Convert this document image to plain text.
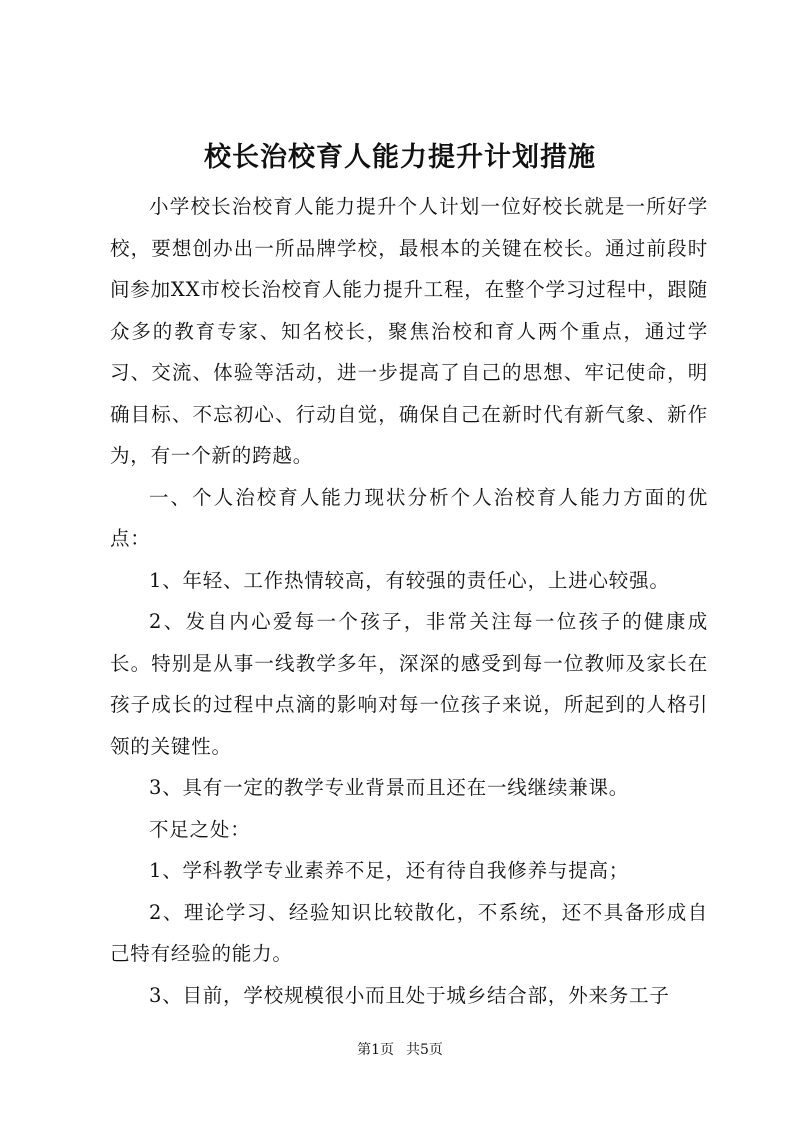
校长治校育人能力提升计划措施

小学校长治校育人能力提升个人计划一位好校长就是一所好学校，要想创办出一所品牌学校，最根本的关键在校长。通过前段时间参加XX市校长治校育人能力提升工程，在整个学习过程中，跟随众多的教育专家、知名校长，聚焦治校和育人两个重点，通过学习、交流、体验等活动，进一步提高了自己的思想、牢记使命，明确目标、不忘初心、行动自觉，确保自己在新时代有新气象、新作为，有一个新的跨越。

一、个人治校育人能力现状分析个人治校育人能力方面的优点：

1、年轻、工作热情较高，有较强的责任心，上进心较强。

2、发自内心爱每一个孩子，非常关注每一位孩子的健康成长。特别是从事一线教学多年，深深的感受到每一位教师及家长在孩子成长的过程中点滴的影响对每一位孩子来说，所起到的人格引领的关键性。

3、具有一定的教学专业背景而且还在一线继续兼课。

不足之处：

1、学科教学专业素养不足，还有待自我修养与提高；

2、理论学习、经验知识比较散化，不系统，还不具备形成自己特有经验的能力。

3、目前，学校规模很小而且处于城乡结合部，外来务工子

第1页 共5页
